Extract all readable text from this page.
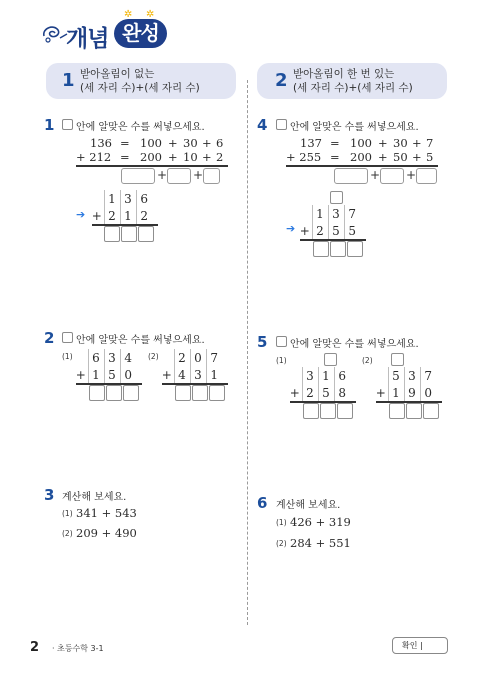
개념 완성
✲ ✲
1 받아올림이 없는
(세 자리 수)+(세 자리 수)	2 받아올림이 한 번 있는
(세 자리 수)+(세 자리 수)
1 안에 알맞은 수를 써넣으세요.
136 = 100 + 30 + 6
+ 212 = 200 + 10 + 2
+ +
➔
	1	3	6
+	2	1	2
2 안에 알맞은 수를 써넣으세요.
(1)
	6	3	4
+	1	5	0
(2)
	2	0	7
+	4	3	1
3 계산해 보세요.
(1) 341 + 543
(2) 209 + 490
4 안에 알맞은 수를 써넣으세요.
137 = 100 + 30 + 7
+ 255 = 200 + 50 + 5
+ +
➔
	1	3	7
+	2	5	5
5 안에 알맞은 수를 써넣으세요.
(1)
	3	1	6
+	2	5	8
(2)
	5	3	7
+	1	9	0
6 계산해 보세요.
(1) 426 + 319
(2) 284 + 551
2 · 초등수학 3-1	확인 |
